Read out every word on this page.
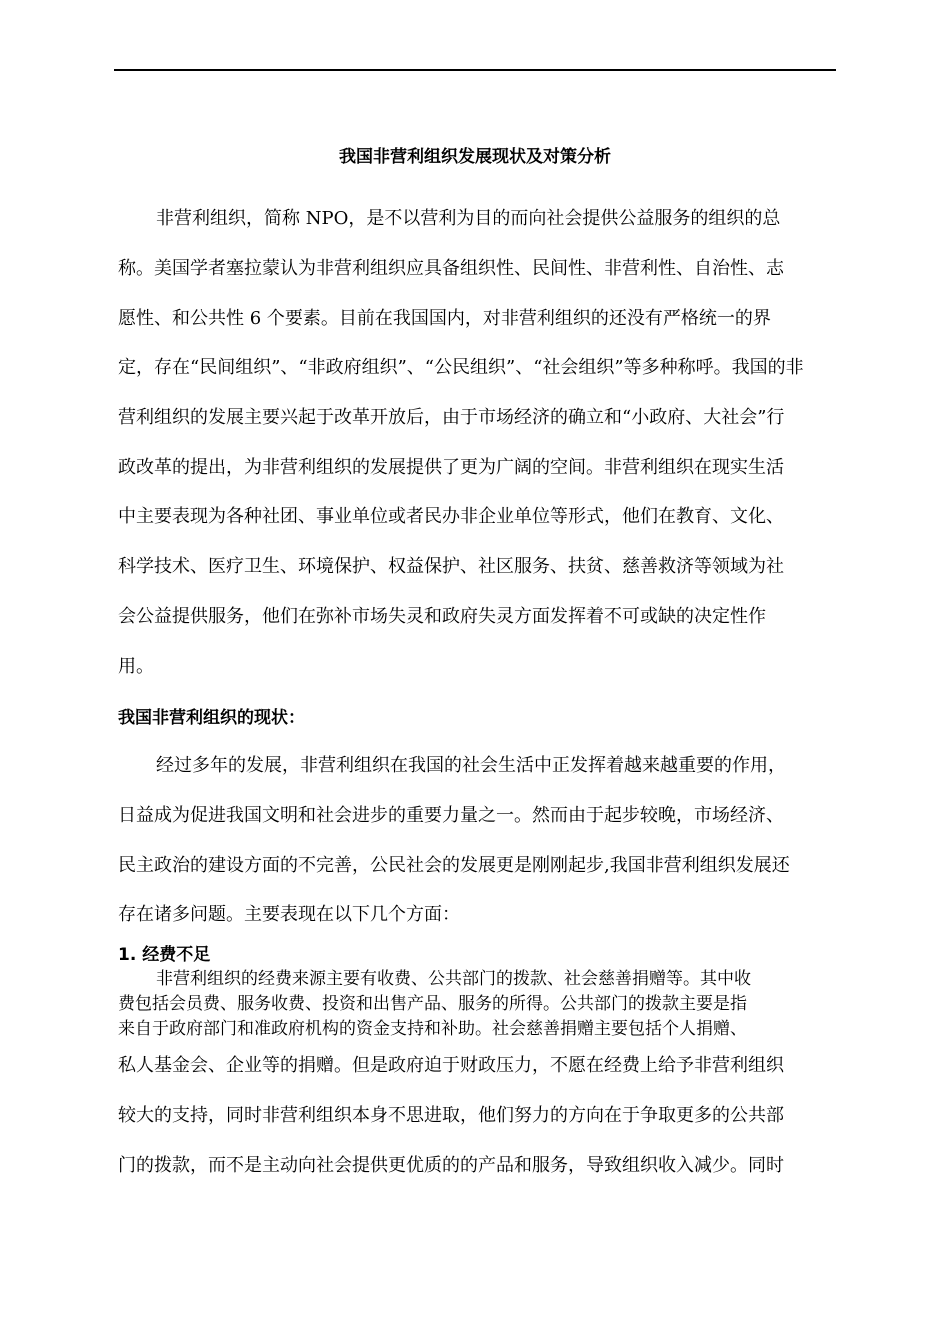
我国非营利组织发展现状及对策分析
非营利组织，简称 NPO，是不以营利为目的而向社会提供公益服务的组织的总
称。美国学者塞拉蒙认为非营利组织应具备组织性、民间性、非营利性、自治性、志
愿性、和公共性 6 个要素。目前在我国国内，对非营利组织的还没有严格统一的界
定，存在“民间组织”、“非政府组织”、“公民组织”、“社会组织”等多种称呼。我国的非
营利组织的发展主要兴起于改革开放后，由于市场经济的确立和“小政府、大社会”行
政改革的提出，为非营利组织的发展提供了更为广阔的空间。非营利组织在现实生活
中主要表现为各种社团、事业单位或者民办非企业单位等形式，他们在教育、文化、
科学技术、医疗卫生、环境保护、权益保护、社区服务、扶贫、慈善救济等领域为社
会公益提供服务，他们在弥补市场失灵和政府失灵方面发挥着不可或缺的决定性作
用。
我国非营利组织的现状：
经过多年的发展，非营利组织在我国的社会生活中正发挥着越来越重要的作用，
日益成为促进我国文明和社会进步的重要力量之一。然而由于起步较晚，市场经济、
民主政治的建设方面的不完善，公民社会的发展更是刚刚起步,我国非营利组织发展还
存在诸多问题。主要表现在以下几个方面：
1. 经费不足
非营利组织的经费来源主要有收费、公共部门的拨款、社会慈善捐赠等。其中收
费包括会员费、服务收费、投资和出售产品、服务的所得。公共部门的拨款主要是指
来自于政府部门和准政府机构的资金支持和补助。社会慈善捐赠主要包括个人捐赠、
私人基金会、企业等的捐赠。但是政府迫于财政压力，不愿在经费上给予非营利组织
较大的支持，同时非营利组织本身不思进取，他们努力的方向在于争取更多的公共部
门的拨款，而不是主动向社会提供更优质的的产品和服务，导致组织收入减少。同时
